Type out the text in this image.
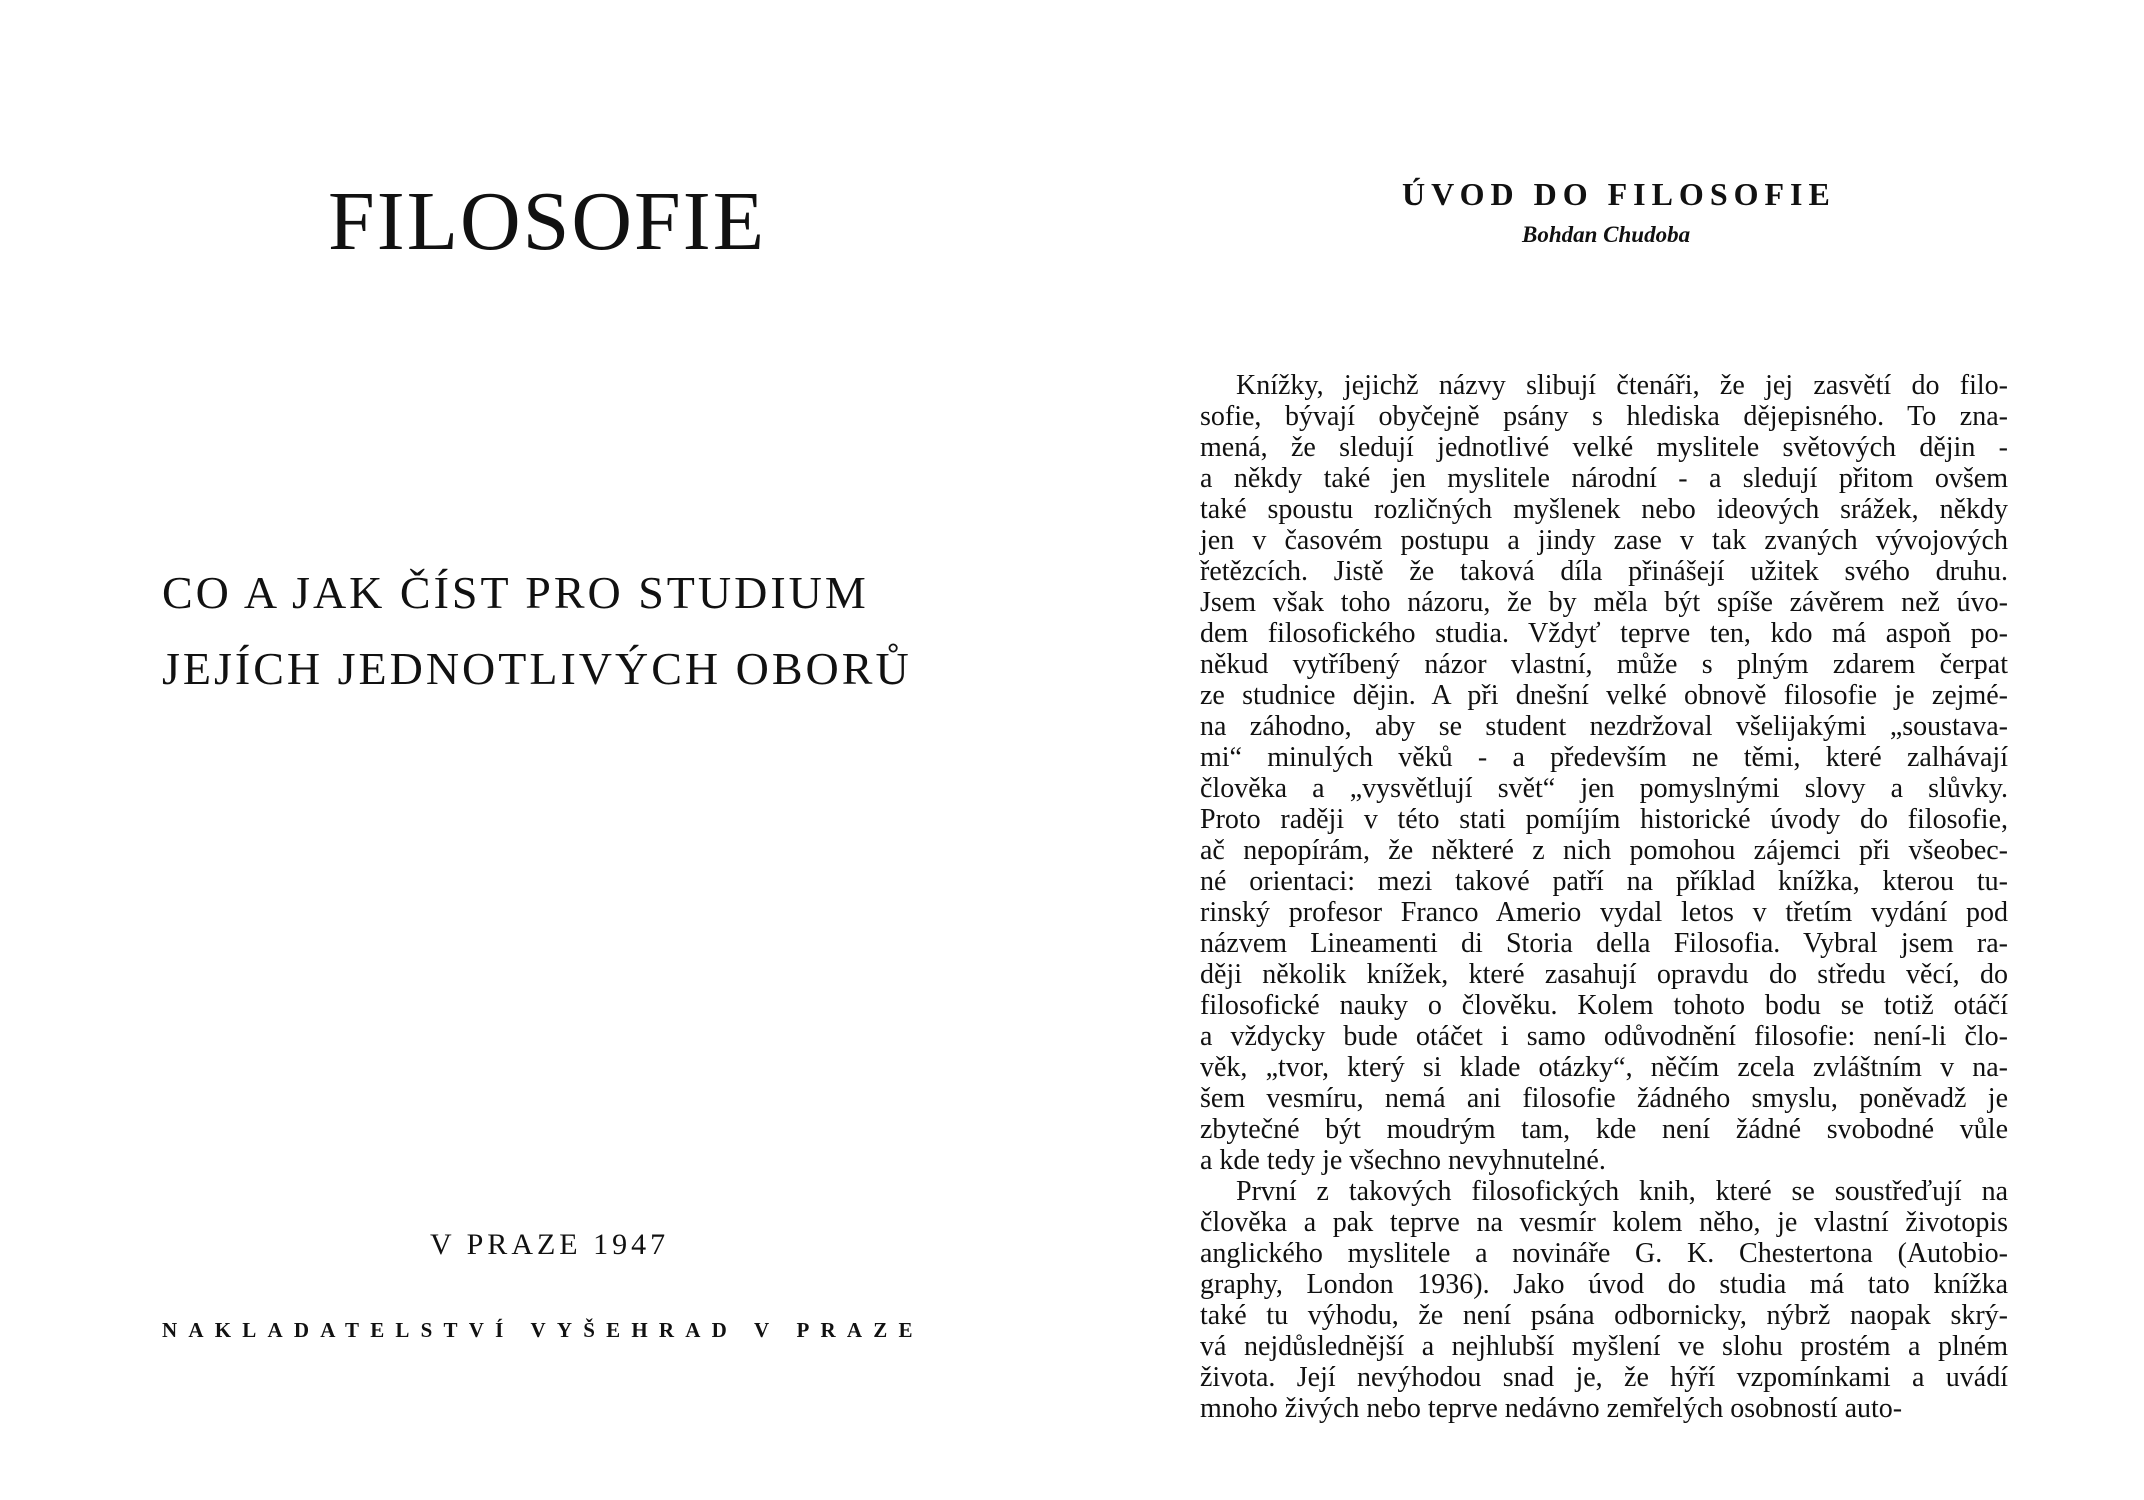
FILOSOFIE
CO A JAK ČÍST PRO STUDIUM
JEJÍCH JEDNOTLIVÝCH OBORŮ
V PRAZE 1947
NAKLADATELSTVÍ VYŠEHRAD V PRAZE
ÚVOD DO FILOSOFIE
Bohdan Chudoba
Knížky, jejichž názvy slibují čtenáři, že jej zasvětí do filo-
sofie, bývají obyčejně psány s hlediska dějepisného. To zna-
mená, že sledují jednotlivé velké myslitele světových dějin -
a někdy také jen myslitele národní - a sledují přitom ovšem
také spoustu rozličných myšlenek nebo ideových srážek, někdy
jen v časovém postupu a jindy zase v tak zvaných vývojových
řetězcích. Jistě že taková díla přinášejí užitek svého druhu.
Jsem však toho názoru, že by měla být spíše závěrem než úvo-
dem filosofického studia. Vždyť teprve ten, kdo má aspoň po-
někud vytříbený názor vlastní, může s plným zdarem čerpat
ze studnice dějin. A při dnešní velké obnově filosofie je zejmé-
na záhodno, aby se student nezdržoval všelijakými „soustava-
mi“ minulých věků - a především ne těmi, které zalhávají
člověka a „vysvětlují svět“ jen pomyslnými slovy a slůvky.
Proto raději v této stati pomíjím historické úvody do filosofie,
ač nepopírám, že některé z nich pomohou zájemci při všeobec-
né orientaci: mezi takové patří na příklad knížka, kterou tu-
rinský profesor Franco Amerio vydal letos v třetím vydání pod
názvem Lineamenti di Storia della Filosofia. Vybral jsem ra-
ději několik knížek, které zasahují opravdu do středu věcí, do
filosofické nauky o člověku. Kolem tohoto bodu se totiž otáčí
a vždycky bude otáčet i samo odůvodnění filosofie: není-li člo-
věk, „tvor, který si klade otázky“, něčím zcela zvláštním v na-
šem vesmíru, nemá ani filosofie žádného smyslu, poněvadž je
zbytečné být moudrým tam, kde není žádné svobodné vůle
a kde tedy je všechno nevyhnutelné.
První z takových filosofických knih, které se soustřeďují na
člověka a pak teprve na vesmír kolem něho, je vlastní životopis
anglického myslitele a novináře G. K. Chestertona (Autobio-
graphy, London 1936). Jako úvod do studia má tato knížka
také tu výhodu, že není psána odbornicky, nýbrž naopak skrý-
vá nejdůslednější a nejhlubší myšlení ve slohu prostém a plném
života. Její nevýhodou snad je, že hýří vzpomínkami a uvádí
mnoho živých nebo teprve nedávno zemřelých osobností auto-
